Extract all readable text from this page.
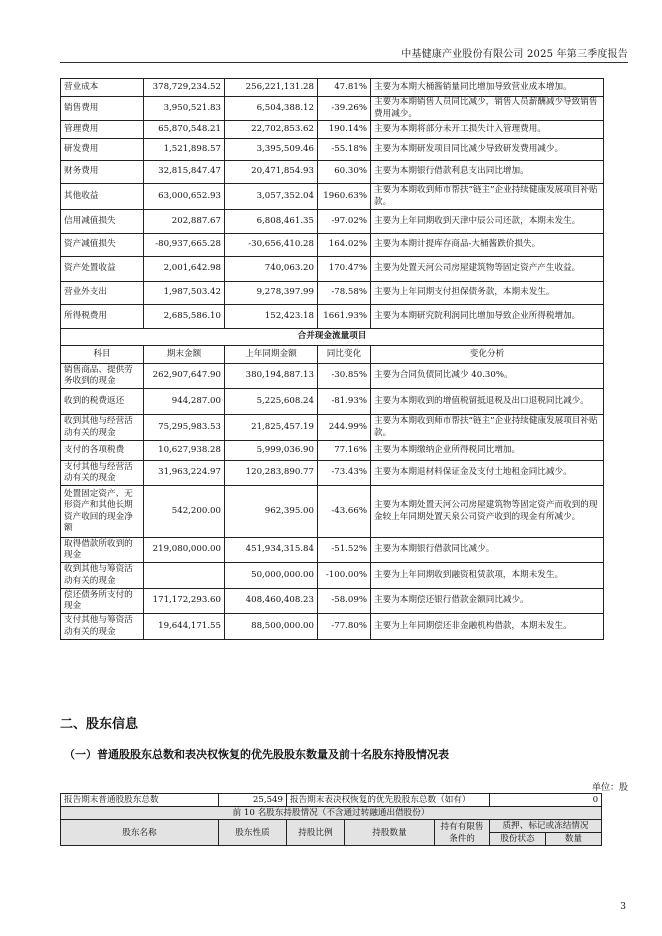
中基健康产业股份有限公司 2025 年第三季度报告
营业成本	378,729,234.52	256,221,131.28	47.81%	主要为本期大桶酱销量同比增加导致营业成本增加。
销售费用	3,950,521.83	6,504,388.12	-39.26%	主要为本期销售人员同比减少，销售人员薪酬减少导致销售费用减少。
管理费用	65,870,548.21	22,702,853.62	190.14%	主要为本期将部分未开工损失计入管理费用。
研发费用	1,521,898.57	3,395,509.46	-55.18%	主要为本期研发项目同比减少导致研发费用减少。
财务费用	32,815,847.47	20,471,854.93	60.30%	主要为本期银行借款利息支出同比增加。
其他收益	63,000,652.93	3,057,352.04	1960.63%	主要为本期收到师市帮扶“链主”企业持续健康发展项目补贴款。
信用减值损失	202,887.67	6,808,461.35	-97.02%	主要为上年同期收到天津中辰公司还款，本期未发生。
资产减值损失	-80,937,665.28	-30,656,410.28	164.02%	主要为本期计提库存商品-大桶酱跌价损失。
资产处置收益	2,001,642.98	740,063.20	170.47%	主要为处置天河公司房屋建筑物等固定资产产生收益。
营业外支出	1,987,503.42	9,278,397.99	-78.58%	主要为上年同期支付担保债务款，本期未发生。
所得税费用	2,685,586.10	152,423.18	1661.93%	主要为本期研究院利润同比增加导致企业所得税增加。
合并现金流量项目				
科目	期末金额	上年同期金额	同比变化	变化分析
销售商品、提供劳务收到的现金	262,907,647.90	380,194,887.13	-30.85%	主要为合同负债同比减少 40.30%。
收到的税费返还	944,287.00	5,225,608.24	-81.93%	主要为本期收到的增值税留抵退税及出口退税同比减少。
收到其他与经营活动有关的现金	75,295,983.53	21,825,457.19	244.99%	主要为本期收到师市帮扶“链主”企业持续健康发展项目补贴款。
支付的各项税费	10,627,938.28	5,999,036.90	77.16%	主要为本期缴纳企业所得税同比增加。
支付其他与经营活动有关的现金	31,963,224.97	120,283,890.77	-73.43%	主要为本期退材料保证金及支付土地租金同比减少。
处置固定资产、无形资产和其他长期资产收回的现金净额	542,200.00	962,395.00	-43.66%	主要为本期处置天河公司房屋建筑物等固定资产而收到的现金较上年同期处置天泉公司资产收到的现金有所减少。
取得借款所收到的现金	219,080,000.00	451,934,315.84	-51.52%	主要为本期银行借款同比减少。
收到其他与筹资活动有关的现金		50,000,000.00	-100.00%	主要为上年同期收到融资租赁款项，本期未发生。
偿还债务所支付的现金	171,172,293.60	408,460,408.23	-58.09%	主要为本期偿还银行借款金额同比减少。
支付其他与筹资活动有关的现金	19,644,171.55	88,500,000.00	-77.80%	主要为上年同期偿还非金融机构借款，本期未发生。
二、股东信息
（一）普通股股东总数和表决权恢复的优先股股东数量及前十名股东持股情况表
单位：股
报告期末普通股股东总数	25,549	报告期末表决权恢复的优先股股东总数（如有）			0	
前 10 名股东持股情况（不含通过转融通出借股份）						
股东名称	股东性质	持股比例	持股数量	持有有限售条件的	质押、标记或冻结情况	
					股份状态	数量
3
